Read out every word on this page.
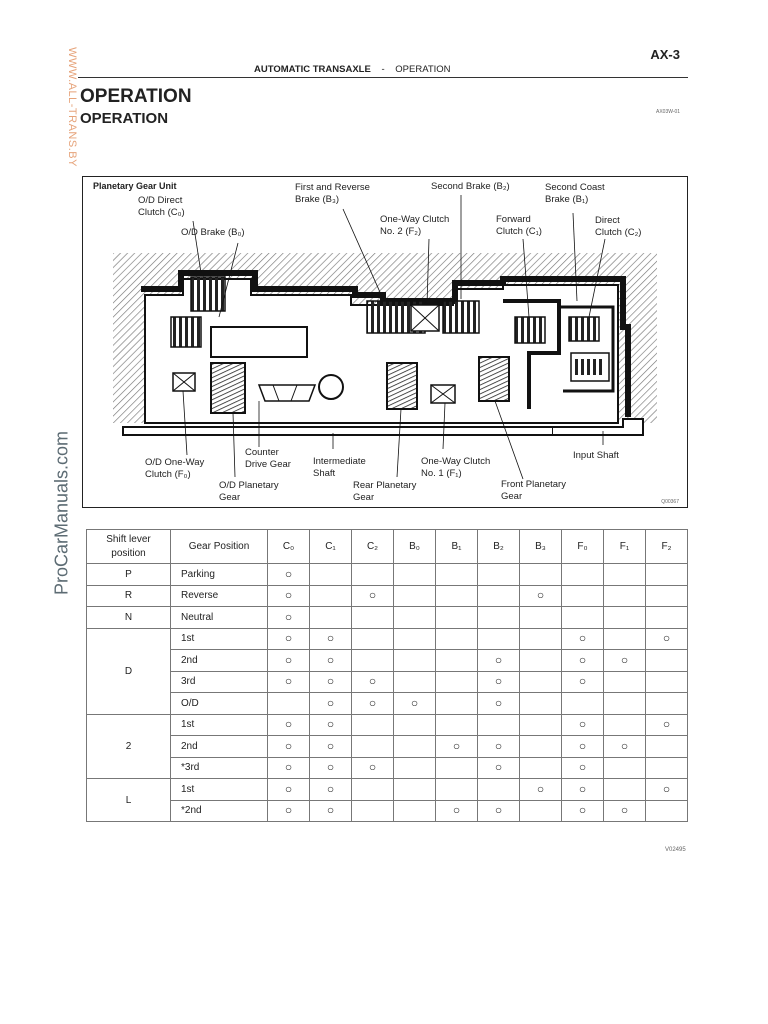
WWW.ALL-TRANS.BY
ProCarManuals.com
AX-3
AUTOMATIC TRANSAXLE - OPERATION
OPERATION
OPERATION	AX03W-01
Planetary Gear Unit
O/D Direct
Clutch (C₀)
O/D Brake (B₀)
First and Reverse
Brake (B₃)
Second Brake (B₂)	Second Coast
Brake (B₁)
One-Way Clutch
No. 2 (F₂)
Forward
Clutch (C₁)
Direct
Clutch (C₂)
O/D One-Way
Clutch (F₀)
Counter
Drive Gear
O/D Planetary
Gear
Intermediate
Shaft
Rear Planetary
Gear
One-Way Clutch
No. 1 (F₁)
Input Shaft
Front Planetary
Gear	Q00367
Shift lever
position	Gear Position	C₀	C₁	C₂	B₀	B₁	B₂	B₃	F₀	F₁	F₂
P	Parking	○									
R	Reverse	○		○				○			
N	Neutral	○									
D	1st	○	○						○		○
	2nd	○	○				○		○	○	
	3rd	○	○	○			○		○		
	O/D		○	○	○		○				
2	1st	○	○						○		○
	2nd	○	○			○	○		○	○	
	*3rd	○	○	○			○		○		
L	1st	○	○					○	○		○
	*2nd	○	○			○	○		○	○	
V02495
